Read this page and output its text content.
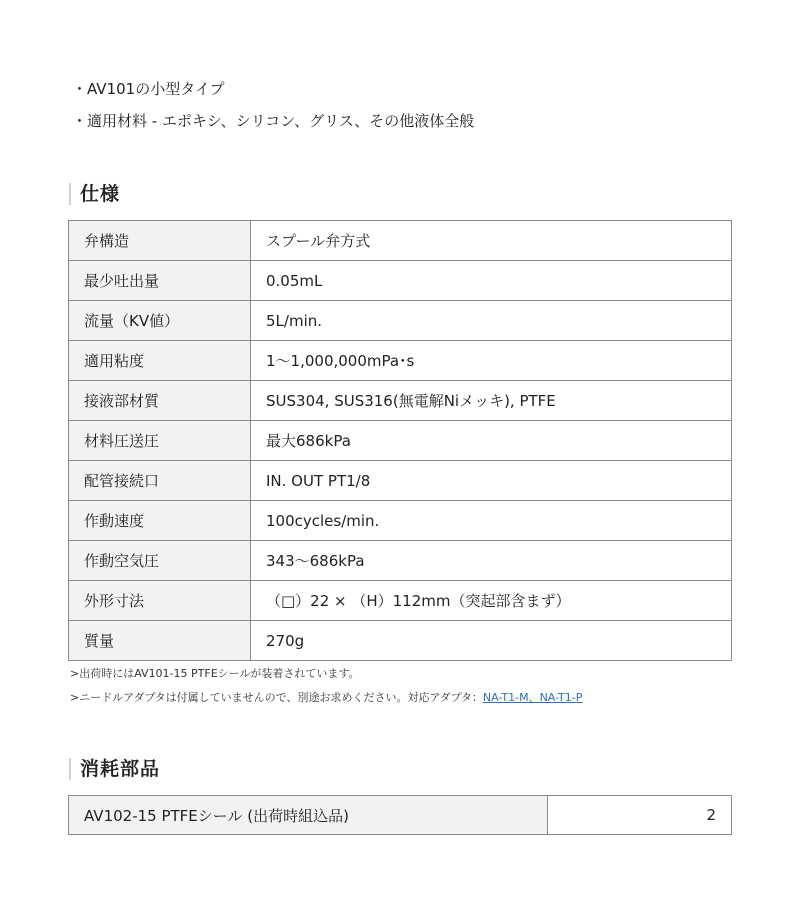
・AV101の小型タイプ
・適用材料 - エポキシ、シリコン、グリス、その他液体全般
仕様
弁構造	スプール弁方式
最少吐出量	0.05mL
流量（KV値）	5L/min.
適用粘度	1～1,000,000mPa･s
接液部材質	SUS304, SUS316(無電解Niメッキ), PTFE
材料圧送圧	最大686kPa
配管接続口	IN. OUT PT1/8
作動速度	100cycles/min.
作動空気圧	343～686kPa
外形寸法	（□）22 × （H）112mm（突起部含まず）
質量	270g
>出荷時にはAV101-15 PTFEシールが装着されています。
>ニードルアダプタは付属していませんので、別途お求めください。対応アダプタ：NA-T1-M、NA-T1-P
消耗部品
AV102-15 PTFEシール (出荷時組込品)	2
